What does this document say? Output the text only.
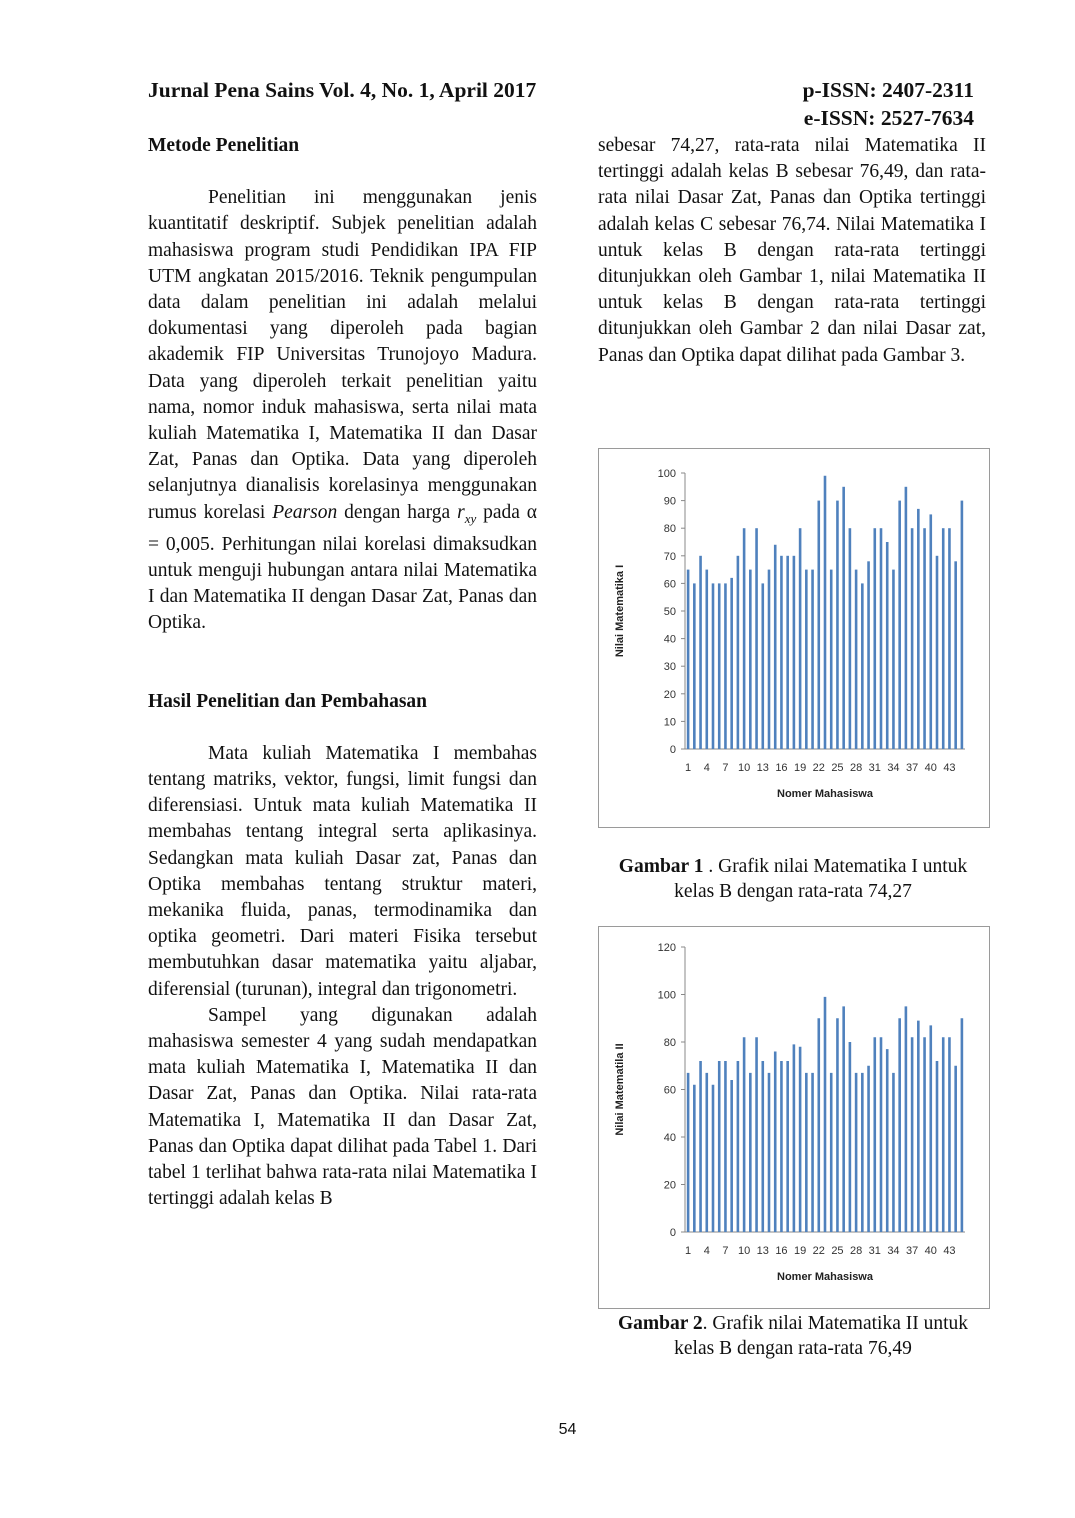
Jurnal Pena Sains Vol. 4, No. 1, April 2017	p-ISSN: 2407-2311
e-ISSN: 2527-7634
Metode Penelitian

Penelitian ini menggunakan jenis kuantitatif deskriptif. Subjek penelitian adalah mahasiswa program studi Pendidikan IPA FIP UTM angkatan 2015/2016. Teknik pengumpulan data dalam penelitian ini adalah melalui dokumentasi yang diperoleh pada bagian akademik FIP Universitas Trunojoyo Madura. Data yang diperoleh terkait penelitian yaitu nama, nomor induk mahasiswa, serta nilai mata kuliah Matematika I, Matematika II dan Dasar Zat, Panas dan Optika. Data yang diperoleh selanjutnya dianalisis korelasinya menggunakan rumus korelasi Pearson dengan harga $r_{xy}$ pada α = 0,005. Perhitungan nilai korelasi dimaksudkan untuk menguji hubungan antara nilai Matematika I dan Matematika II dengan Dasar Zat, Panas dan Optika.

Hasil Penelitian dan Pembahasan

Mata kuliah Matematika I membahas tentang matriks, vektor, fungsi, limit fungsi dan diferensiasi. Untuk mata kuliah Matematika II membahas tentang integral serta aplikasinya. Sedangkan mata kuliah Dasar zat, Panas dan Optika membahas tentang struktur materi, mekanika fluida, panas, termodinamika dan optika geometri. Dari materi Fisika tersebut membutuhkan dasar matematika yaitu aljabar, diferensial (turunan), integral dan trigonometri.

Sampel yang digunakan adalah mahasiswa semester 4 yang sudah mendapatkan mata kuliah Matematika I, Matematika II dan Dasar Zat, Panas dan Optika. Nilai rata-rata Matematika I, Matematika II dan Dasar Zat, Panas dan Optika dapat dilihat pada Tabel 1. Dari tabel 1 terlihat bahwa rata-rata nilai Matematika I tertinggi adalah kelas B

sebesar 74,27, rata-rata nilai Matematika II tertinggi adalah kelas B sebesar 76,49, dan rata-rata nilai Dasar Zat, Panas dan Optika tertinggi adalah kelas C sebesar 76,74. Nilai Matematika I untuk kelas B dengan rata-rata tertinggi ditunjukkan oleh Gambar 1, nilai Matematika II untuk kelas B dengan rata-rata tertinggi ditunjukkan oleh Gambar 2 dan nilai Dasar zat, Panas dan Optika dapat dilihat pada Gambar 3.

0
10
20
30
40
50
60
70
80
90
100
1 4 7 10 13 16 19 22 25 28 31 34 37 40 43
Nomer Mahasiswa
Nilai Matematika I
Gambar 1 . Grafik nilai Matematika I untuk kelas B dengan rata-rata 74,27
0
20
40
60
80
100
120
1 4 7 10 13 16 19 22 25 28 31 34 37 40 43
Nomer Mahasiswa
Nilai Matematila II
Gambar 2. Grafik nilai Matematika II untuk kelas B dengan rata-rata 76,49
54
